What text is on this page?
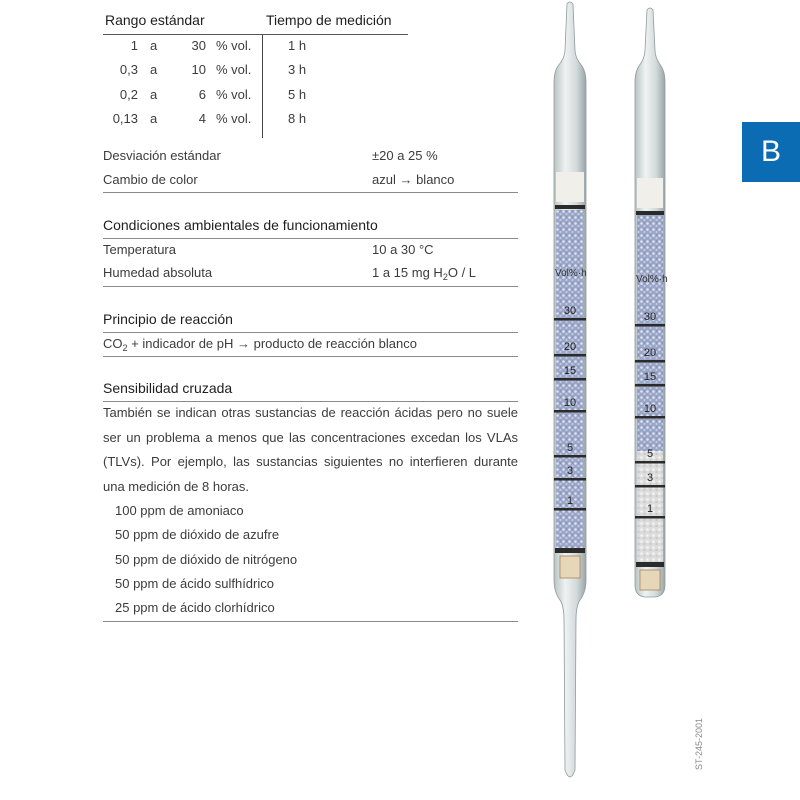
Rango estándar	Tiempo de medición
1 a	30 % vol.	1 h
0,3 a	10 % vol.	3 h
0,2 a	6 % vol.	5 h
0,13 a	4 % vol.	8 h
Desviación estándar	±20 a 25 %
Cambio de color	azul → blanco
Condiciones ambientales de funcionamiento
Temperatura	10 a 30 °C
Humedad absoluta	1 a 15 mg $H_2O$ / L
Principio de reacción
$CO_2$ + indicador de pH → producto de reacción blanco
Sensibilidad cruzada
También se indican otras sustancias de reacción ácidas pero no suele ser un problema a menos que las concentraciones excedan los VLAs (TLVs). Por ejemplo, las sustancias siguientes no interfieren durante una medición de 8 horas.
100 ppm de amoniaco
50 ppm de dióxido de azufre
50 ppm de dióxido de nitrógeno
50 ppm de ácido sulfhídrico
25 ppm de ácido clorhídrico
Vol%·h
30
20
15
10
5
3
1
Vol%·h
30
20
15
10
5
3
1
B
ST-245-2001
